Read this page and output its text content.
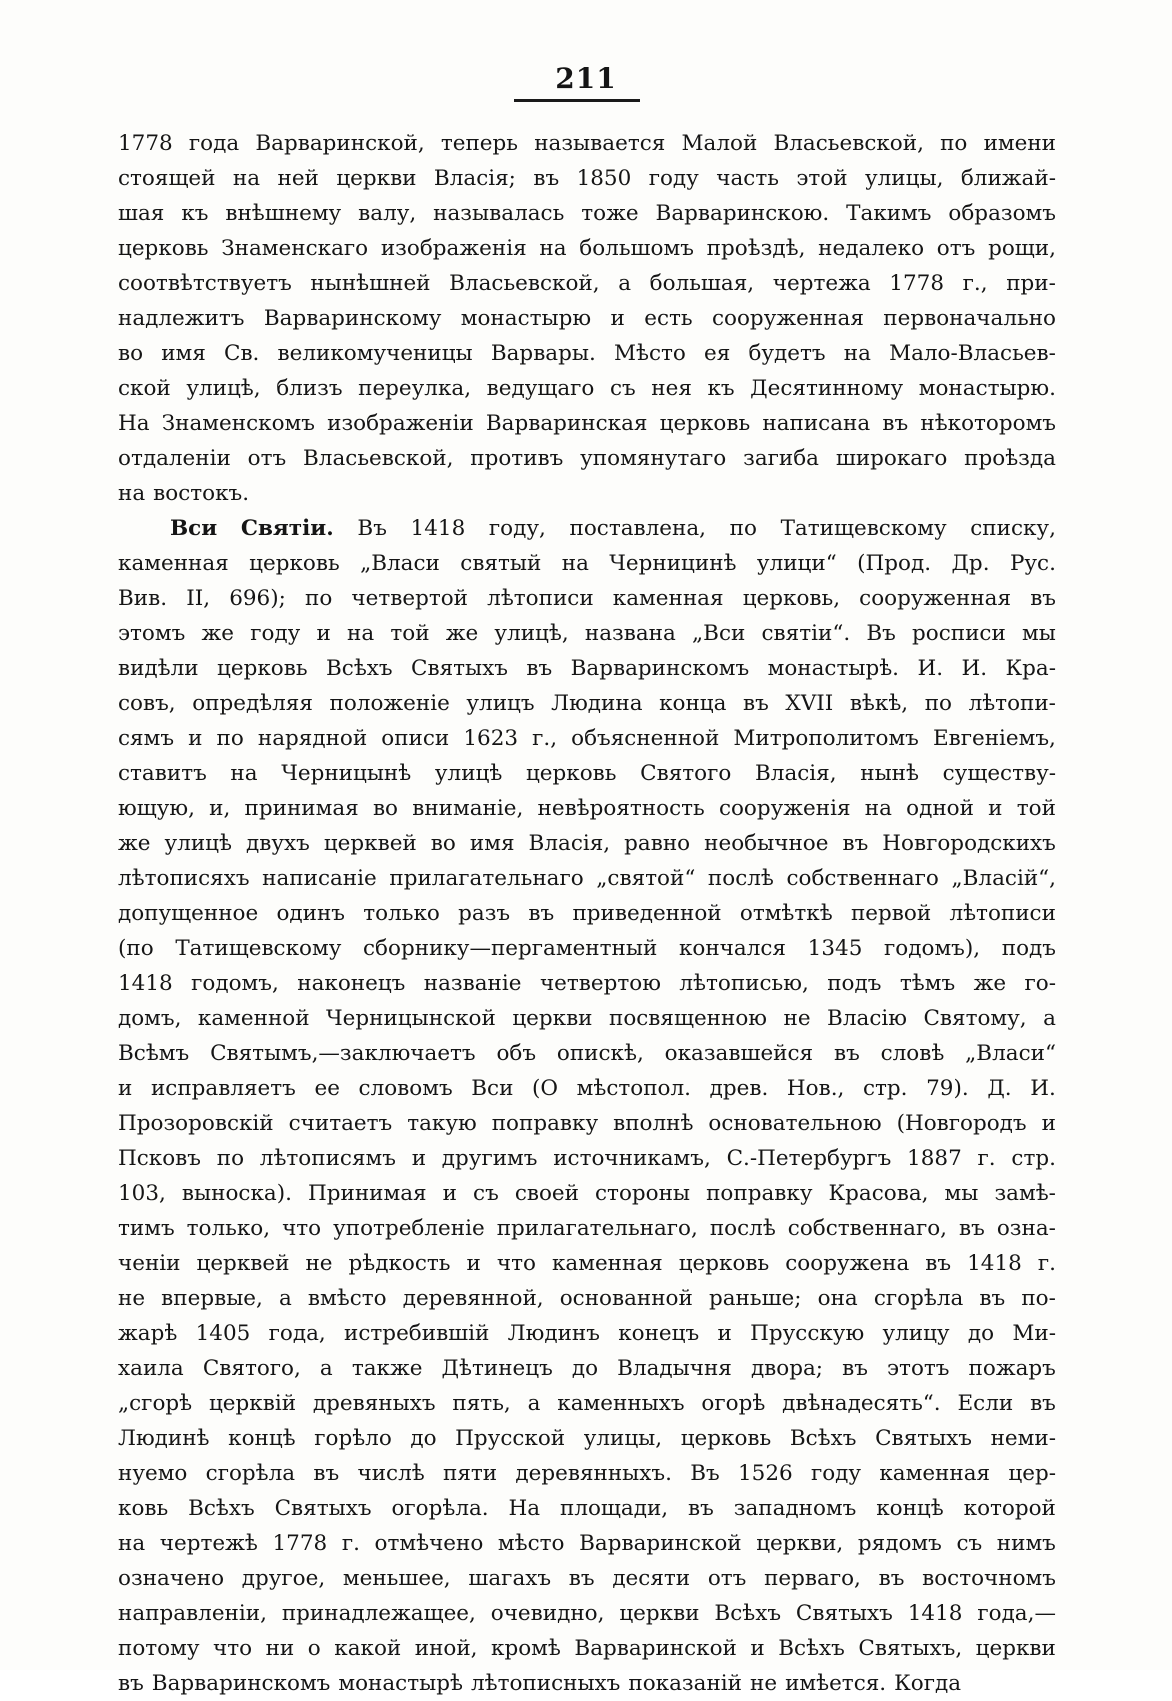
211
1778 года Варваринской, теперь называется Малой Власьевской, по имени
стоящей на ней церкви Власія; въ 1850 году часть этой улицы, ближай-
шая къ внѣшнему валу, называлась тоже Варваринскою. Такимъ образомъ
церковь Знаменскаго изображенія на большомъ проѣздѣ, недалеко отъ рощи,
соотвѣтствуетъ нынѣшней Власьевской, а большая, чертежа 1778 г., при-
надлежитъ Варваринскому монастырю и есть сооруженная первоначально
во имя Св. великомученицы Варвары. Мѣсто ея будетъ на Мало-Власьев-
ской улицѣ, близъ переулка, ведущаго съ нея къ Десятинному монастырю.
На Знаменскомъ изображеніи Варваринская церковь написана въ нѣкоторомъ
отдаленіи отъ Власьевской, противъ упомянутаго загиба широкаго проѣзда
на востокъ.
Вси Святіи. Въ 1418 году, поставлена, по Татищевскому списку,
каменная церковь „Власи святый на Черницинѣ улици“ (Прод. Др. Рус.
Вив. II, 696); по четвертой лѣтописи каменная церковь, сооруженная въ
этомъ же году и на той же улицѣ, названа „Вси святіи“. Въ росписи мы
видѣли церковь Всѣхъ Святыхъ въ Варваринскомъ монастырѣ. И. И. Кра-
совъ, опредѣляя положеніе улицъ Людина конца въ XVII вѣкѣ, по лѣтопи-
сямъ и по нарядной описи 1623 г., объясненной Митрополитомъ Евгеніемъ,
ставитъ на Черницынѣ улицѣ церковь Святого Власія, нынѣ существу-
ющую, и, принимая во вниманіе, невѣроятность сооруженія на одной и той
же улицѣ двухъ церквей во имя Власія, равно необычное въ Новгородскихъ
лѣтописяхъ написаніе прилагательнаго „святой“ послѣ собственнаго „Власій“,
допущенное одинъ только разъ въ приведенной отмѣткѣ первой лѣтописи
(по Татищевскому сборнику—пергаментный кончался 1345 годомъ), подъ
1418 годомъ, наконецъ названіе четвертою лѣтописью, подъ тѣмъ же го-
домъ, каменной Черницынской церкви посвященною не Власію Святому, а
Всѣмъ Святымъ,—заключаетъ объ опискѣ, оказавшейся въ словѣ „Власи“
и исправляетъ ее словомъ Вси (О мѣстопол. древ. Нов., стр. 79). Д. И.
Прозоровскій считаетъ такую поправку вполнѣ основательною (Новгородъ и
Псковъ по лѣтописямъ и другимъ источникамъ, С.-Петербургъ 1887 г. стр.
103, выноска). Принимая и съ своей стороны поправку Красова, мы замѣ-
тимъ только, что употребленіе прилагательнаго, послѣ собственнаго, въ озна-
ченіи церквей не рѣдкость и что каменная церковь сооружена въ 1418 г.
не впервые, а вмѣсто деревянной, основанной раньше; она сгорѣла въ по-
жарѣ 1405 года, истребившій Людинъ конецъ и Прусскую улицу до Ми-
хаила Святого, а также Дѣтинецъ до Владычня двора; въ этотъ пожаръ
„сгорѣ церквій древяныхъ пять, а каменныхъ огорѣ двѣнадесять“. Если въ
Людинѣ концѣ горѣло до Прусской улицы, церковь Всѣхъ Святыхъ неми-
нуемо сгорѣла въ числѣ пяти деревянныхъ. Въ 1526 году каменная цер-
ковь Всѣхъ Святыхъ огорѣла. На площади, въ западномъ концѣ которой
на чертежѣ 1778 г. отмѣчено мѣсто Варваринской церкви, рядомъ съ нимъ
означено другое, меньшее, шагахъ въ десяти отъ перваго, въ восточномъ
направленіи, принадлежащее, очевидно, церкви Всѣхъ Святыхъ 1418 года,—
потому что ни о какой иной, кромѣ Варваринской и Всѣхъ Святыхъ, церкви
въ Варваринскомъ монастырѣ лѣтописныхъ показаній не имѣется. Когда
